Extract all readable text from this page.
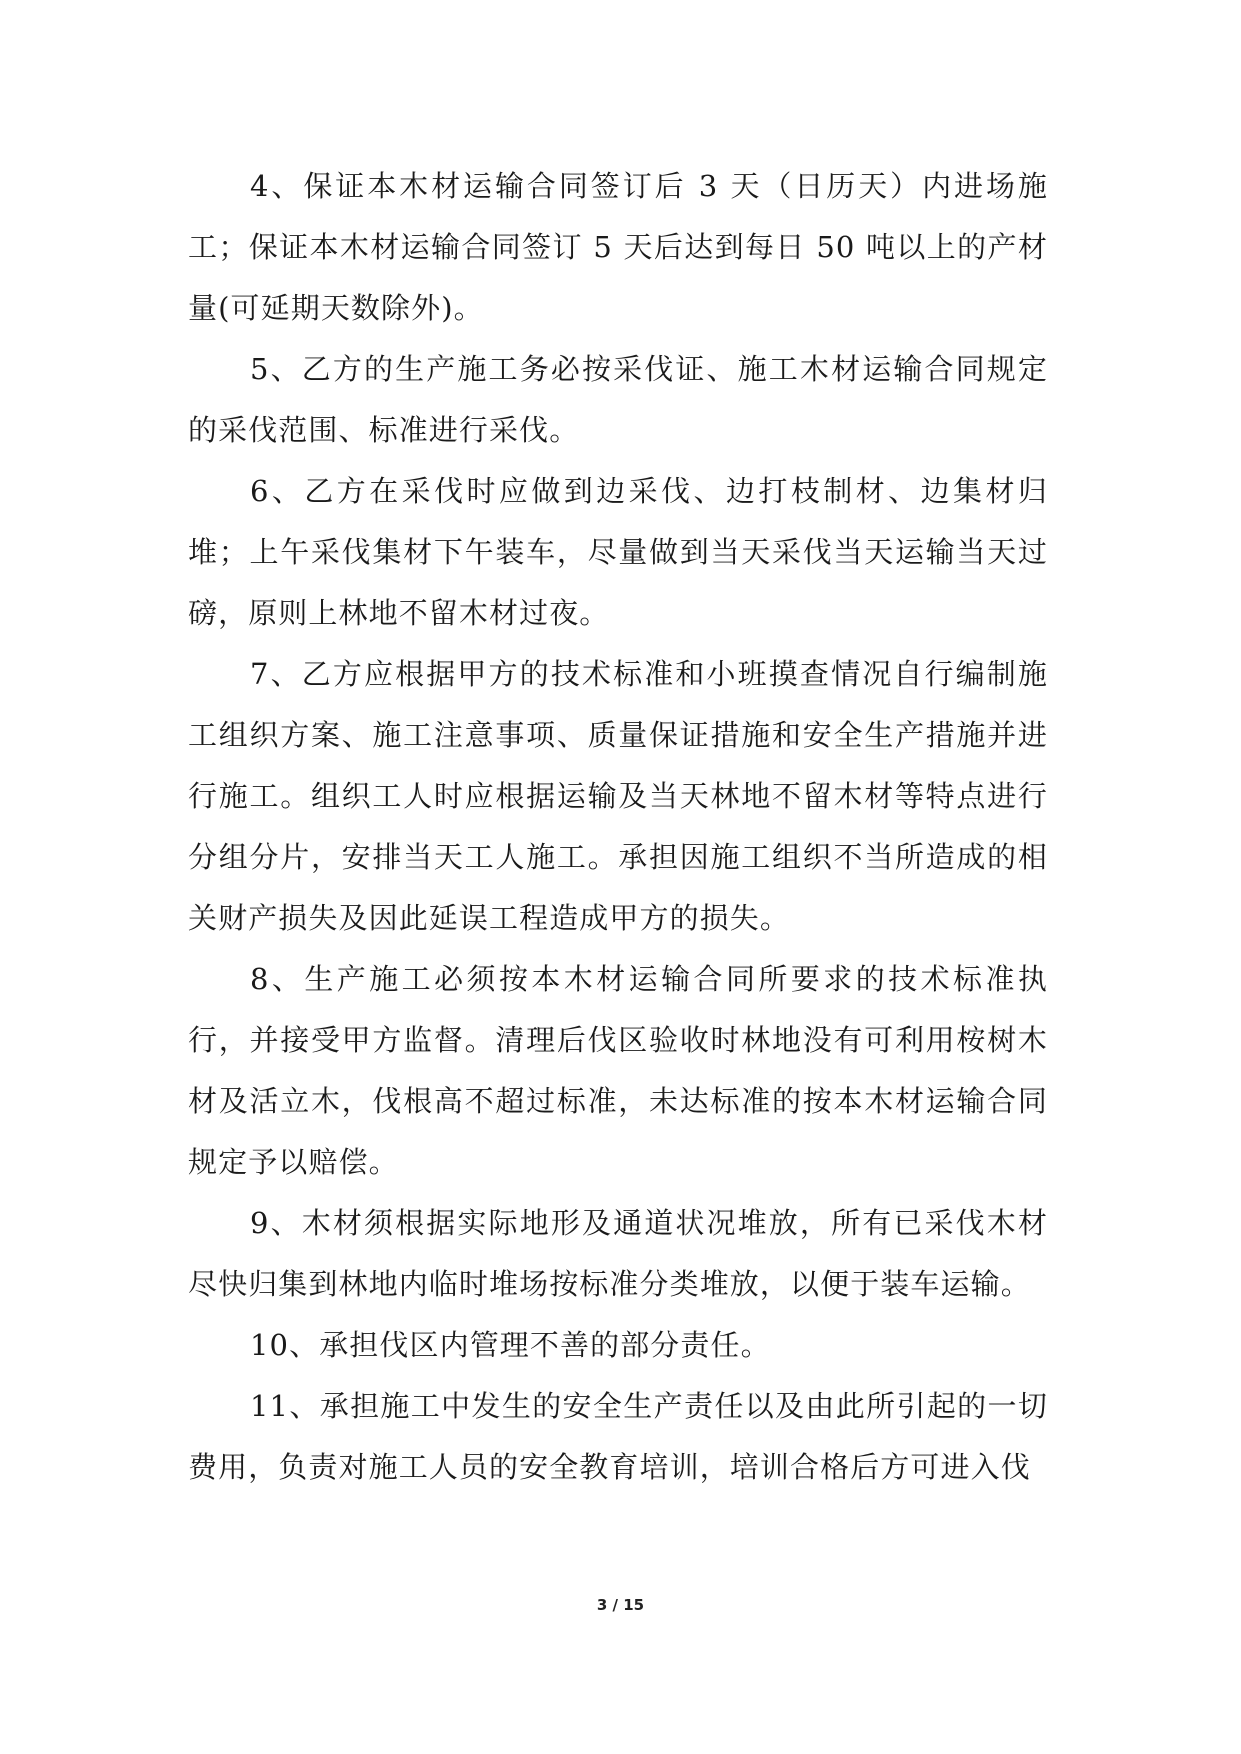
4、保证本木材运输合同签订后 3 天（日历天）内进场施工；保证本木材运输合同签订 5 天后达到每日 50 吨以上的产材量(可延期天数除外)。

5、乙方的生产施工务必按采伐证、施工木材运输合同规定的采伐范围、标准进行采伐。

6、乙方在采伐时应做到边采伐、边打枝制材、边集材归堆；上午采伐集材下午装车，尽量做到当天采伐当天运输当天过磅，原则上林地不留木材过夜。

7、乙方应根据甲方的技术标准和小班摸查情况自行编制施工组织方案、施工注意事项、质量保证措施和安全生产措施并进行施工。组织工人时应根据运输及当天林地不留木材等特点进行分组分片，安排当天工人施工。承担因施工组织不当所造成的相关财产损失及因此延误工程造成甲方的损失。

8、生产施工必须按本木材运输合同所要求的技术标准执行，并接受甲方监督。清理后伐区验收时林地没有可利用桉树木材及活立木，伐根高不超过标准，未达标准的按本木材运输合同规定予以赔偿。

9、木材须根据实际地形及通道状况堆放，所有已采伐木材尽快归集到林地内临时堆场按标准分类堆放，以便于装车运输。

10、承担伐区内管理不善的部分责任。

11、承担施工中发生的安全生产责任以及由此所引起的一切费用，负责对施工人员的安全教育培训，培训合格后方可进入伐

3 / 15
